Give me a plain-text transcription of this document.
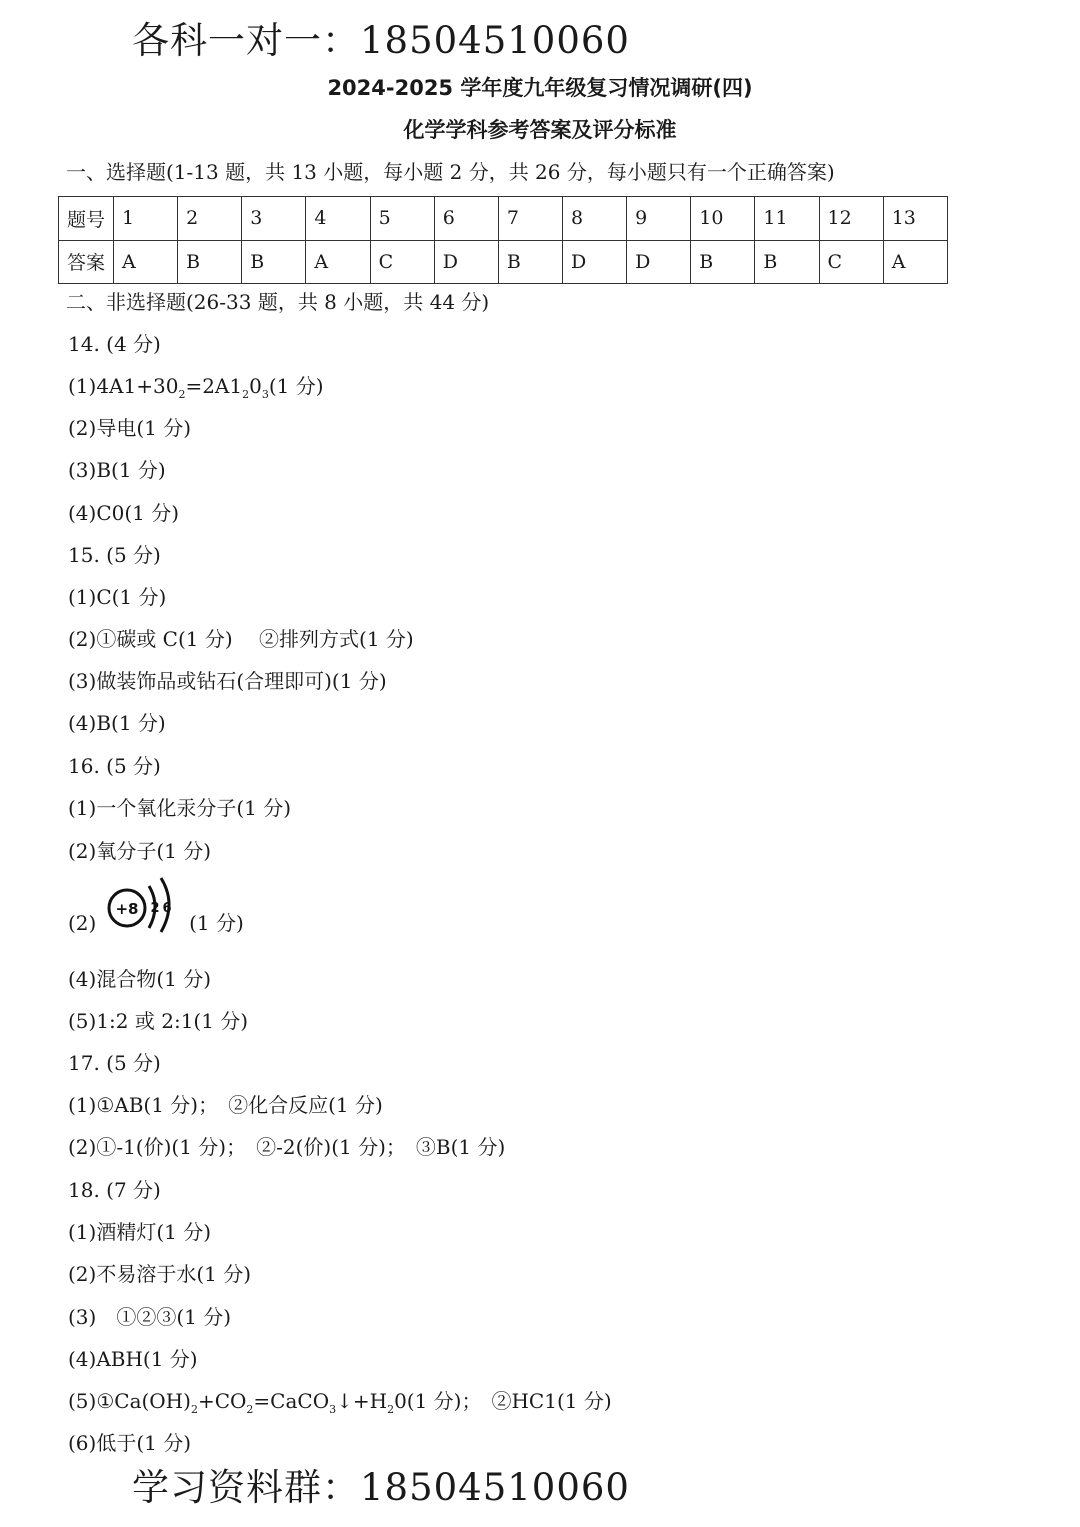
各科一对一：18504510060
2024-2025 学年度九年级复习情况调研(四)
化学学科参考答案及评分标准
一、选择题(1-13 题，共 13 小题，每小题 2 分，共 26 分，每小题只有一个正确答案)
题号	1	2	3	4	5	6	7	8	9	10	11	12	13
答案	A	B	B	A	C	D	B	D	D	B	B	C	A
二、非选择题(26-33 题，共 8 小题，共 44 分)
14. (4 分)
$(1)4A1+30_2=2A1_20_3(1$ 分)
(2)导电(1 分)
(3)B(1 分)
(4)C0(1 分)
15. (5 分)
(1)C(1 分)
(2)①碳或 C(1 分)　 ②排列方式(1 分)
(3)做装饰品或钻石(合理即可)(1 分)
(4)B(1 分)
16. (5 分)
(1)一个氧化汞分子(1 分)
(2)氧分子(1 分)
(2)
+8 2 6
(1 分)
(4)混合物(1 分)
(5)1:2 或 2:1(1 分)
17. (5 分)
(1)①AB(1 分)；　②化合反应(1 分)
(2)①-1(价)(1 分)；　②-2(价)(1 分)；　③B(1 分)
18. (7 分)
(1)酒精灯(1 分)
(2)不易溶于水(1 分)
(3)　①②③(1 分)
(4)ABH(1 分)
$(5)①Ca(OH)_2+CO_2=CaCO_3↓+H_20(1$ 分)；　②HC1(1 分)
(6)低于(1 分)
学习资料群：18504510060
